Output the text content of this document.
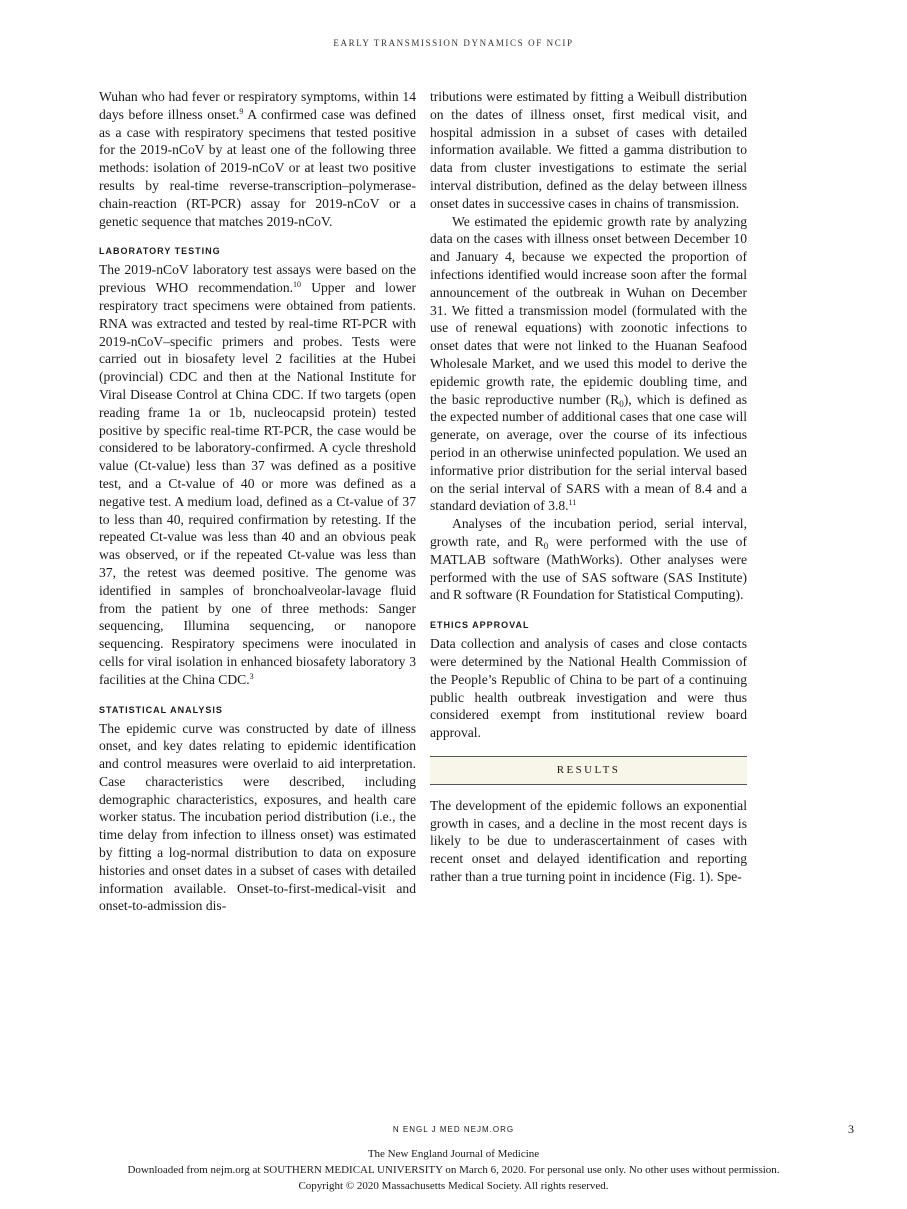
EARLY TRANSMISSION DYNAMICS OF NCIP

Wuhan who had fever or respiratory symptoms, within 14 days before illness onset.$^9$ A confirmed case was defined as a case with respiratory specimens that tested positive for the 2019-nCoV by at least one of the following three methods: isolation of 2019-nCoV or at least two positive results by real-time reverse-transcription–polymerase-chain-reaction (RT-PCR) assay for 2019-nCoV or a genetic sequence that matches 2019-nCoV.

LABORATORY TESTING

The 2019-nCoV laboratory test assays were based on the previous WHO recommendation.$^{10}$ Upper and lower respiratory tract specimens were obtained from patients. RNA was extracted and tested by real-time RT-PCR with 2019-nCoV–specific primers and probes. Tests were carried out in biosafety level 2 facilities at the Hubei (provincial) CDC and then at the National Institute for Viral Disease Control at China CDC. If two targets (open reading frame 1a or 1b, nucleocapsid protein) tested positive by specific real-time RT-PCR, the case would be considered to be laboratory-confirmed. A cycle threshold value (Ct-value) less than 37 was defined as a positive test, and a Ct-value of 40 or more was defined as a negative test. A medium load, defined as a Ct-value of 37 to less than 40, required confirmation by retesting. If the repeated Ct-value was less than 40 and an obvious peak was observed, or if the repeated Ct-value was less than 37, the retest was deemed positive. The genome was identified in samples of bronchoalveolar-lavage fluid from the patient by one of three methods: Sanger sequencing, Illumina sequencing, or nanopore sequencing. Respiratory specimens were inoculated in cells for viral isolation in enhanced biosafety laboratory 3 facilities at the China CDC.$^3$

STATISTICAL ANALYSIS

The epidemic curve was constructed by date of illness onset, and key dates relating to epidemic identification and control measures were overlaid to aid interpretation. Case characteristics were described, including demographic characteristics, exposures, and health care worker status. The incubation period distribution (i.e., the time delay from infection to illness onset) was estimated by fitting a log-normal distribution to data on exposure histories and onset dates in a subset of cases with detailed information available. Onset-to-first-medical-visit and onset-to-admission dis-

tributions were estimated by fitting a Weibull distribution on the dates of illness onset, first medical visit, and hospital admission in a subset of cases with detailed information available. We fitted a gamma distribution to data from cluster investigations to estimate the serial interval distribution, defined as the delay between illness onset dates in successive cases in chains of transmission.

We estimated the epidemic growth rate by analyzing data on the cases with illness onset between December 10 and January 4, because we expected the proportion of infections identified would increase soon after the formal announcement of the outbreak in Wuhan on December 31. We fitted a transmission model (formulated with the use of renewal equations) with zoonotic infections to onset dates that were not linked to the Huanan Seafood Wholesale Market, and we used this model to derive the epidemic growth rate, the epidemic doubling time, and the basic reproductive number $(R_0)$, which is defined as the expected number of additional cases that one case will generate, on average, over the course of its infectious period in an otherwise uninfected population. We used an informative prior distribution for the serial interval based on the serial interval of SARS with a mean of 8.4 and a standard deviation of 3.8.11

Analyses of the incubation period, serial interval, growth rate, and $R_0$ were performed with the use of MATLAB software (MathWorks). Other analyses were performed with the use of SAS software (SAS Institute) and R software (R Foundation for Statistical Computing).

ETHICS APPROVAL

Data collection and analysis of cases and close contacts were determined by the National Health Commission of the People’s Republic of China to be part of a continuing public health outbreak investigation and were thus considered exempt from institutional review board approval.

RESULTS

The development of the epidemic follows an exponential growth in cases, and a decline in the most recent days is likely to be due to underascertainment of cases with recent onset and delayed identification and reporting rather than a true turning point in incidence (Fig. 1). Spe-

N ENGL J MED NEJM.ORG	3
The New England Journal of Medicine
Downloaded from nejm.org at SOUTHERN MEDICAL UNIVERSITY on March 6, 2020. For personal use only. No other uses without permission.
Copyright © 2020 Massachusetts Medical Society. All rights reserved.
